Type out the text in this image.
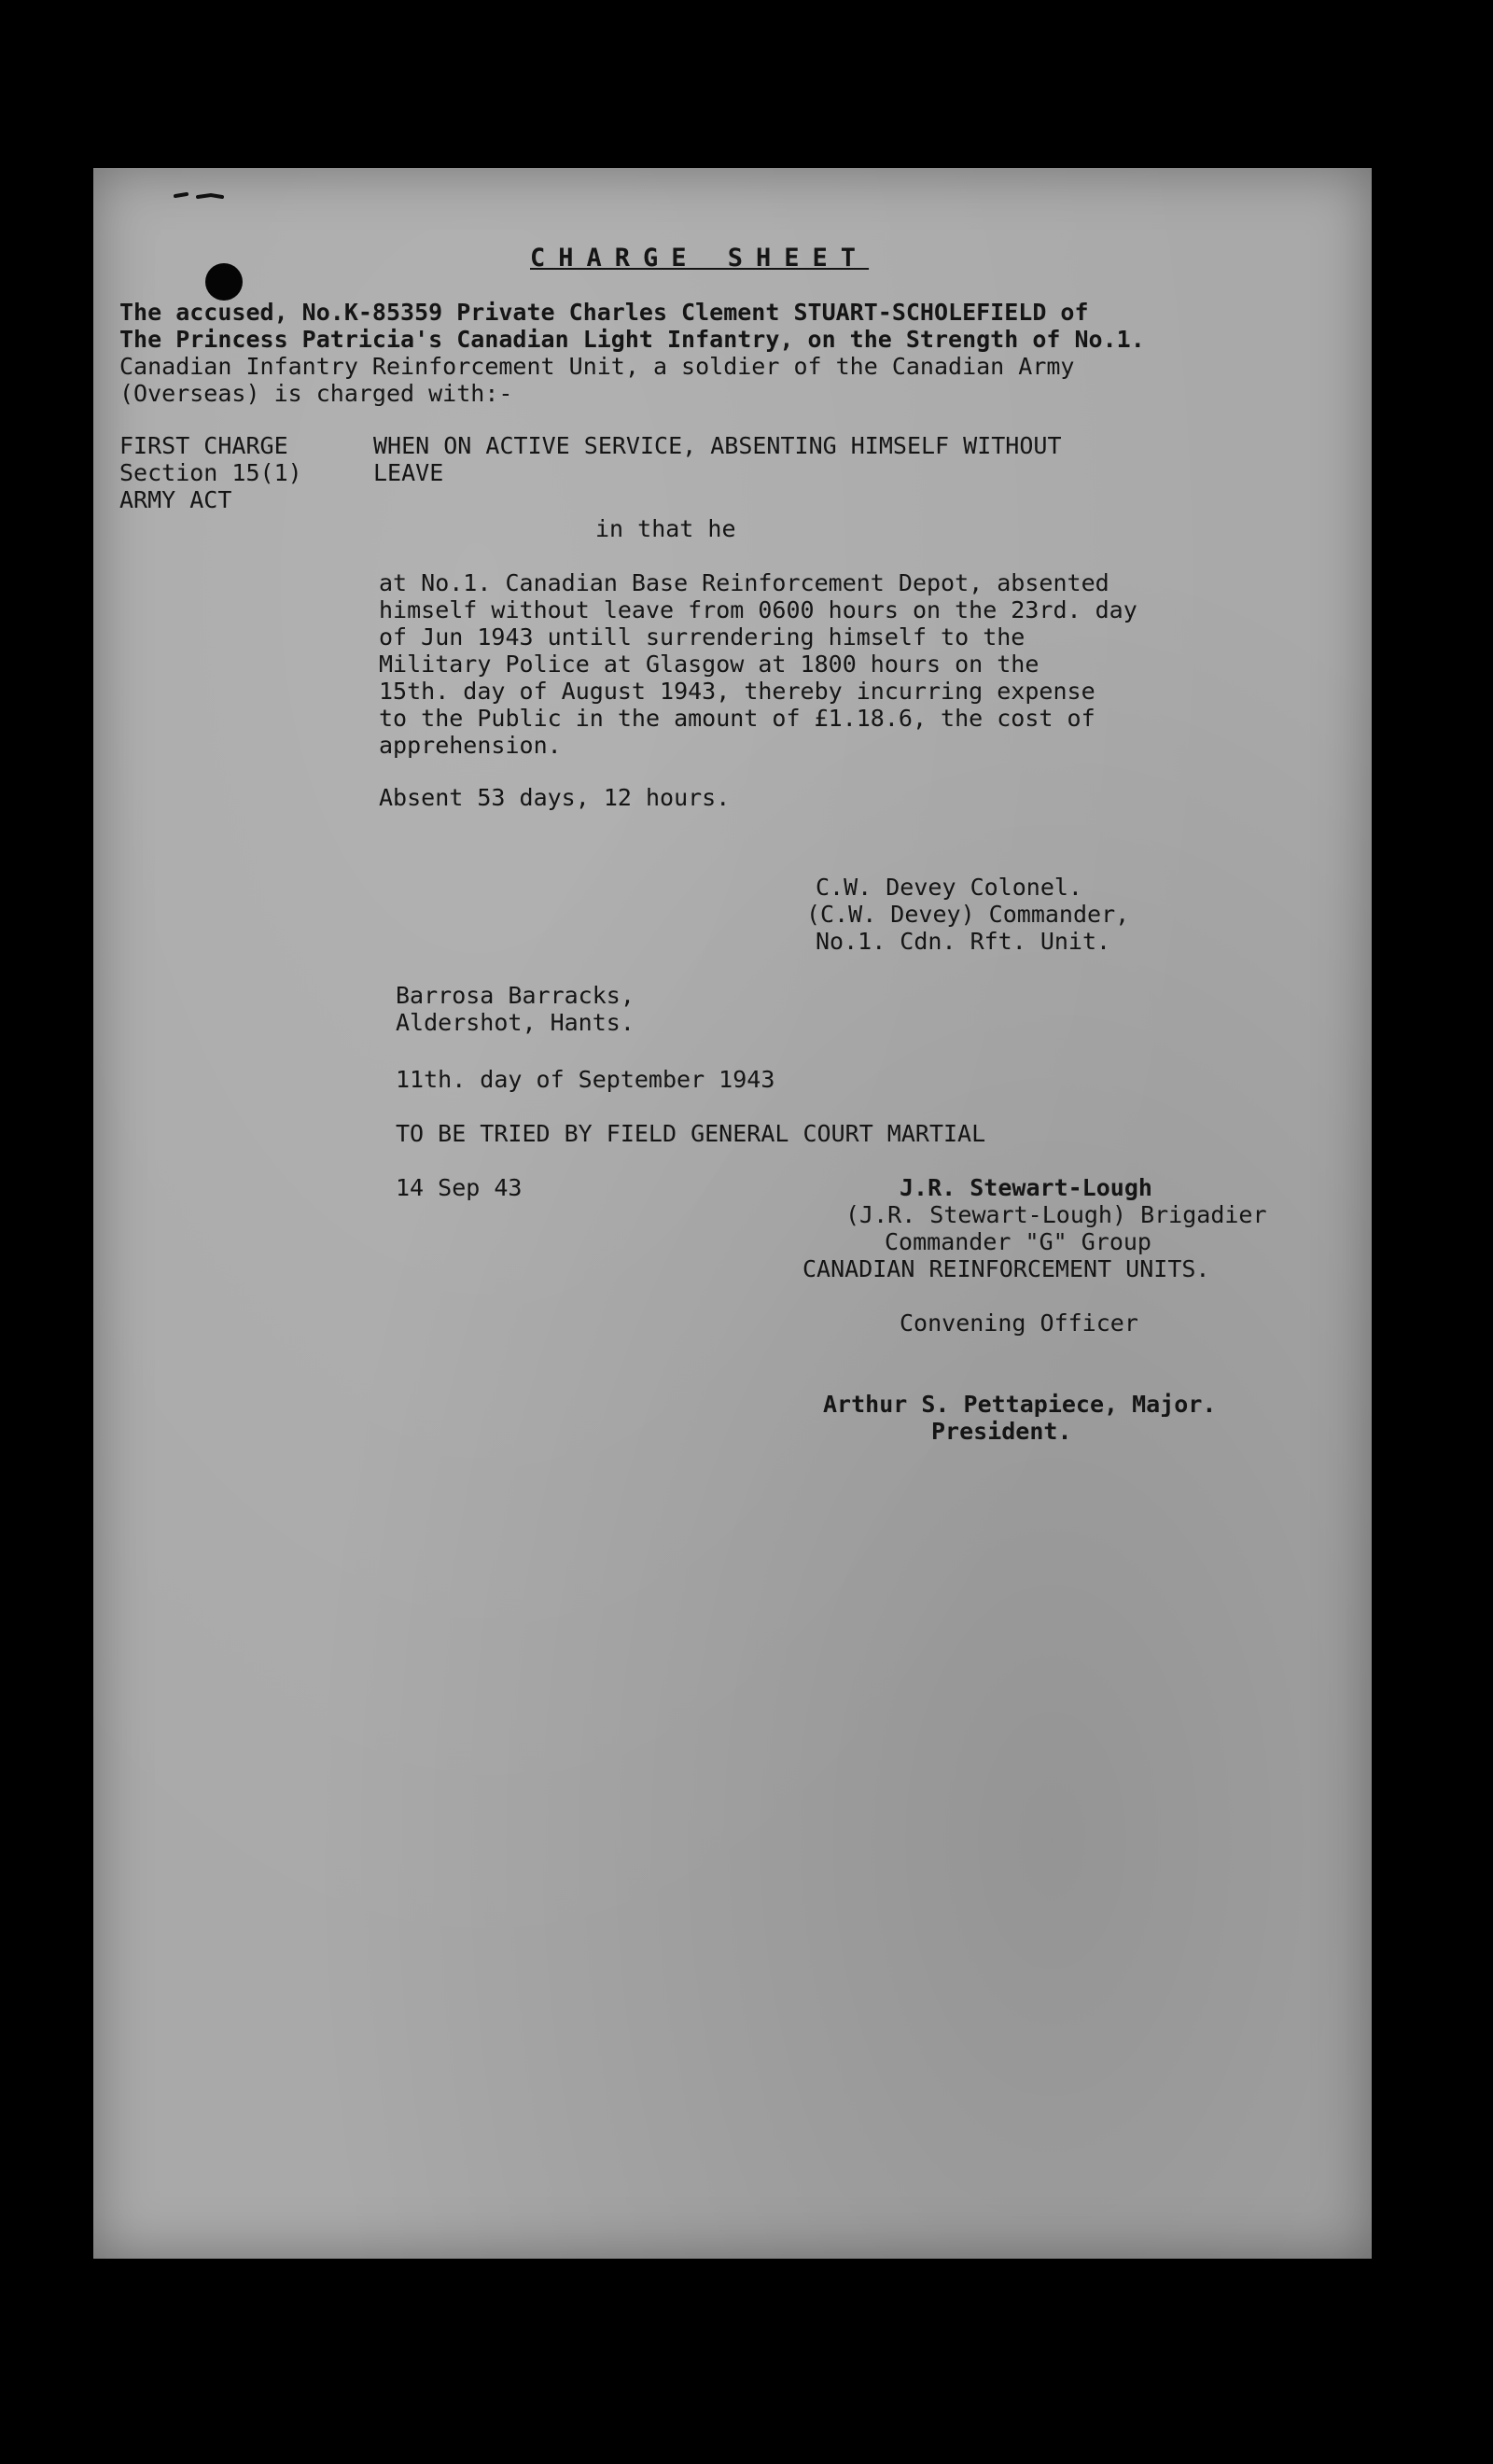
CHARGE SHEET
The accused, No.K-85359 Private Charles Clement STUART-SCHOLEFIELD of
The Princess Patricia's Canadian Light Infantry, on the Strength of No.1.
Canadian Infantry Reinforcement Unit, a soldier of the Canadian Army
(Overseas) is charged with:-
FIRST CHARGE
Section 15(1)
ARMY ACT
WHEN ON ACTIVE SERVICE, ABSENTING HIMSELF WITHOUT
LEAVE
in that he
at No.1. Canadian Base Reinforcement Depot, absented
himself without leave from 0600 hours on the 23rd. day
of Jun 1943 untill surrendering himself to the
Military Police at Glasgow at 1800 hours on the
15th. day of August 1943, thereby incurring expense
to the Public in the amount of £1.18.6, the cost of
apprehension.
Absent 53 days, 12 hours.
C.W. Devey Colonel.
(C.W. Devey) Commander,
No.1. Cdn. Rft. Unit.
Barrosa Barracks,
Aldershot, Hants.
11th. day of September 1943
TO BE TRIED BY FIELD GENERAL COURT MARTIAL
14 Sep 43	J.R. Stewart-Lough
(J.R. Stewart-Lough) Brigadier
Commander "G" Group
CANADIAN REINFORCEMENT UNITS.
Convening Officer
Arthur S. Pettapiece, Major.
President.
